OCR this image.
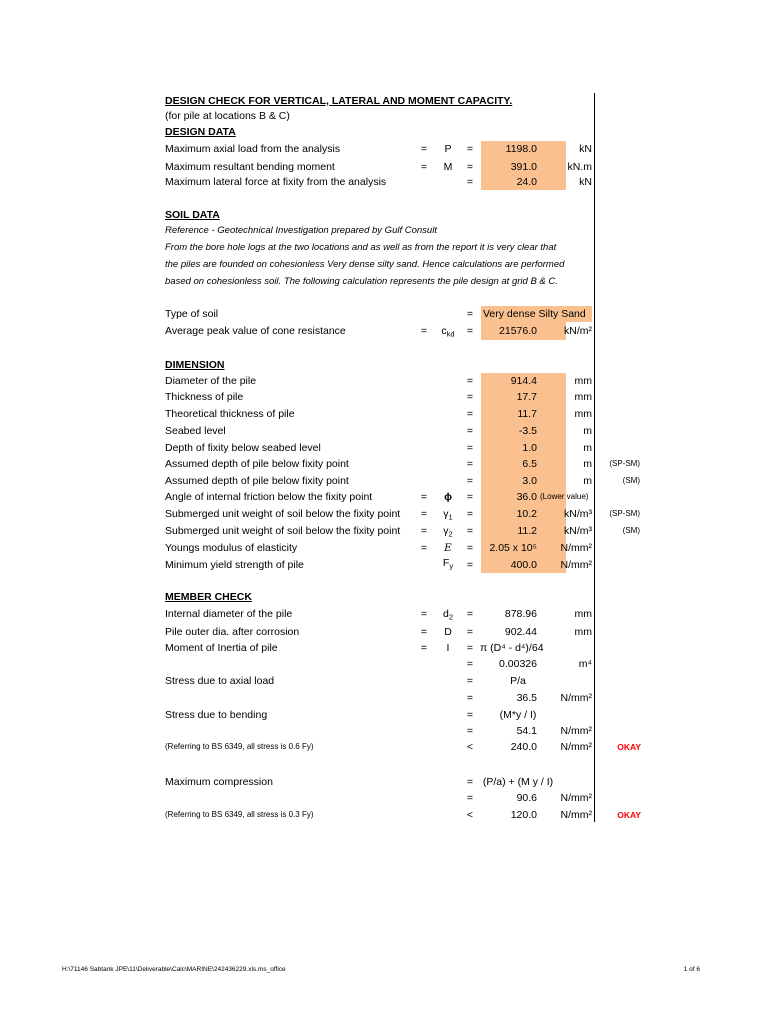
DESIGN CHECK FOR VERTICAL, LATERAL AND MOMENT CAPACITY.
(for pile at locations B & C)
DESIGN DATA
Maximum axial load from the analysis	=	P	=	1198.0	kN
Maximum resultant bending moment	=	M	=	391.0	kN.m
Maximum lateral force at fixity from the analysis	=	24.0	kN
SOIL DATA
Reference - Geotechnical Investigation prepared by Gulf Consult
From the bore hole logs at the two locations and as well as from the report it is very clear that
the piles are founded on cohesionless Very dense silty sand. Hence calculations are performed
based on cohesionless soil. The following calculation represents the pile design at grid B & C.
Type of soil	= Very dense Silty Sand
Average peak value of cone resistance	=	$c_{kd}$	=	21576.0	kN/m²
DIMENSION
Diameter of the pile	=	914.4	mm
Thickness of pile	=	17.7	mm
Theoretical thickness of pile	=	11.7	mm
Seabed level	=	-3.5	m
Depth of fixity below seabed level	=	1.0	m
Assumed depth of pile below fixity point	=	6.5	m	(SP-SM)
Assumed depth of pile below fixity point	=	3.0	m	(SM)
Angle of internal friction below the fixity point	=	ϕ	=	36.0 (Lower value)
Submerged unit weight of soil below the fixity point =	$\gamma_1$	=	10.2	kN/m³	(SP-SM)
Submerged unit weight of soil below the fixity point =	$\gamma_2$	=	11.2	kN/m³	(SM)
Youngs modulus of elasticity	=	E	=	2.05 x 10⁵	N/mm²
Minimum yield strength of pile	$F_y$	=	400.0	N/mm²
MEMBER CHECK
Internal diameter of the pile	=	$d_2$	=	878.96	mm
Pile outer dia. after corrosion	=	D	=	902.44	mm
Moment of Inertia of pile	=	I	= π (D⁴ - d⁴)/64
=	0.00326	m⁴
Stress due to axial load	=	P/a
=	36.5	N/mm²
Stress due to bending	=	(M*y / I)
=	54.1	N/mm²
(Referring to BS 6349, all stress is 0.6 Fy)	<	240.0	N/mm²	OKAY
Maximum compression	= (P/a) + (M y / I)
=	90.6	N/mm²
(Referring to BS 6349, all stress is 0.3 Fy)	<	120.0	N/mm²	OKAY
H:\71146 Sabtank JPE\11\Deliverable\Calc\MARINE\242436229.xls.ms_office	1 of 6
